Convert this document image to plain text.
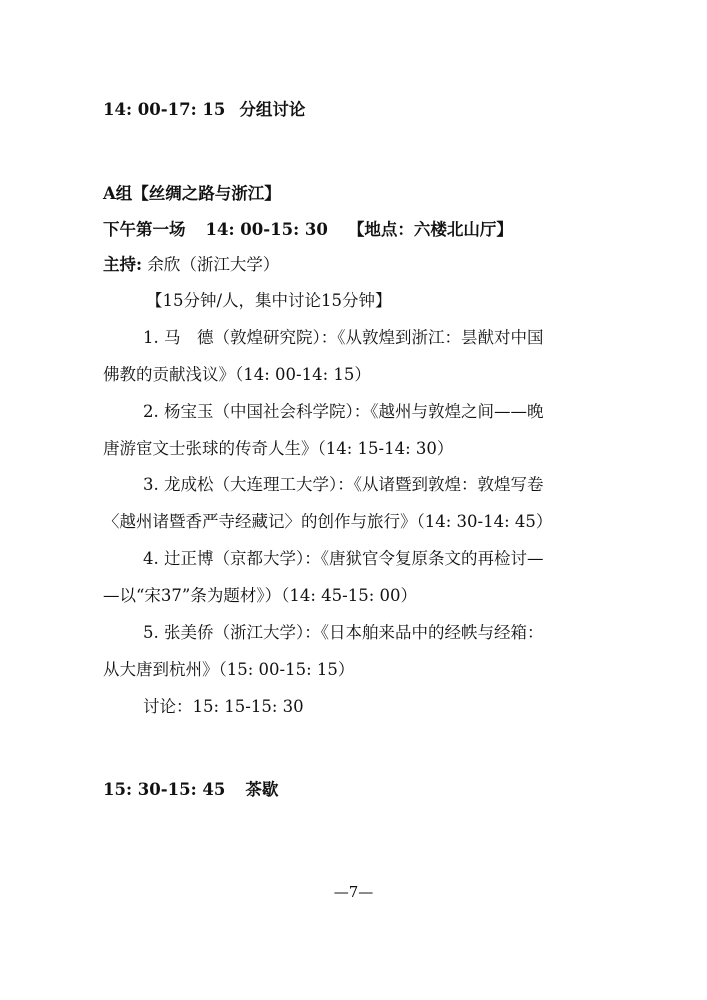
14: 00-17: 15 分组讨论
A组【丝绸之路与浙江】
下午第一场 14: 00-15: 30 【地点：六楼北山厅】
主持: 余欣（浙江大学）
【15分钟/人，集中讨论15分钟】
1. 马　德（敦煌研究院）：《从敦煌到浙江：昙猷对中国
佛教的贡献浅议》（14: 00-14: 15）
2. 杨宝玉（中国社会科学院）：《越州与敦煌之间——晚
唐游宦文士张球的传奇人生》（14: 15-14: 30）
3. 龙成松（大连理工大学）：《从诸暨到敦煌：敦煌写卷
〈越州诸暨香严寺经藏记〉的创作与旅行》（14: 30-14: 45）
4. 辻正博（京都大学）：《唐狱官令复原条文的再检讨—
—以“宋37”条为题材》）（14: 45-15: 00）
5. 张美侨（浙江大学）：《日本舶来品中的经帙与经箱：
从大唐到杭州》（15: 00-15: 15）
讨论：15: 15-15: 30
15: 30-15: 45 茶歇
—7—
